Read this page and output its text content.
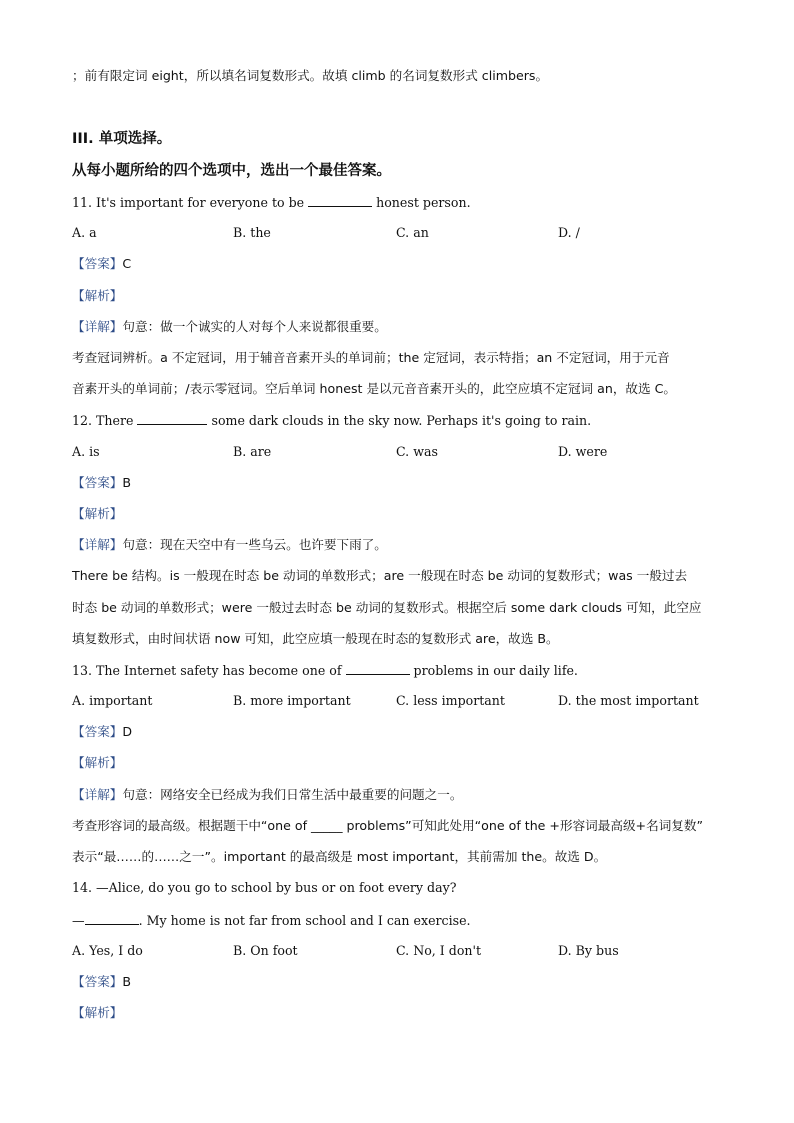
；前有限定词 eight，所以填名词复数形式。故填 climb 的名词复数形式 climbers。
III. 单项选择。
从每小题所给的四个选项中，选出一个最佳答案。
11. It's important for everyone to be	honest person.
A. a	B. the	C. an	D. /
【答案】C
【解析】
【详解】句意：做一个诚实的人对每个人来说都很重要。
考查冠词辨析。a 不定冠词，用于辅音音素开头的单词前；the 定冠词，表示特指；an 不定冠词，用于元音
音素开头的单词前；/表示零冠词。空后单词 honest 是以元音音素开头的，此空应填不定冠词 an，故选 C。
12. There	some dark clouds in the sky now. Perhaps it's going to rain.
A. is	B. are	C. was	D. were
【答案】B
【解析】
【详解】句意：现在天空中有一些乌云。也许要下雨了。
There be 结构。is 一般现在时态 be 动词的单数形式；are 一般现在时态 be 动词的复数形式；was 一般过去
时态 be 动词的单数形式；were 一般过去时态 be 动词的复数形式。根据空后 some dark clouds 可知，此空应
填复数形式，由时间状语 now 可知，此空应填一般现在时态的复数形式 are，故选 B。
13. The Internet safety has become one of	problems in our daily life.
A. important	B. more important	C. less important	D. the most important
【答案】D
【解析】
【详解】句意：网络安全已经成为我们日常生活中最重要的问题之一。
考查形容词的最高级。根据题干中“one of _____ problems”可知此处用“one of the +形容词最高级+名词复数”
表示“最……的……之一”。important 的最高级是 most important，其前需加 the。故选 D。
14. —Alice, do you go to school by bus or on foot every day?
—	. My home is not far from school and I can exercise.
A. Yes, I do	B. On foot	C. No, I don't	D. By bus
【答案】B
【解析】
